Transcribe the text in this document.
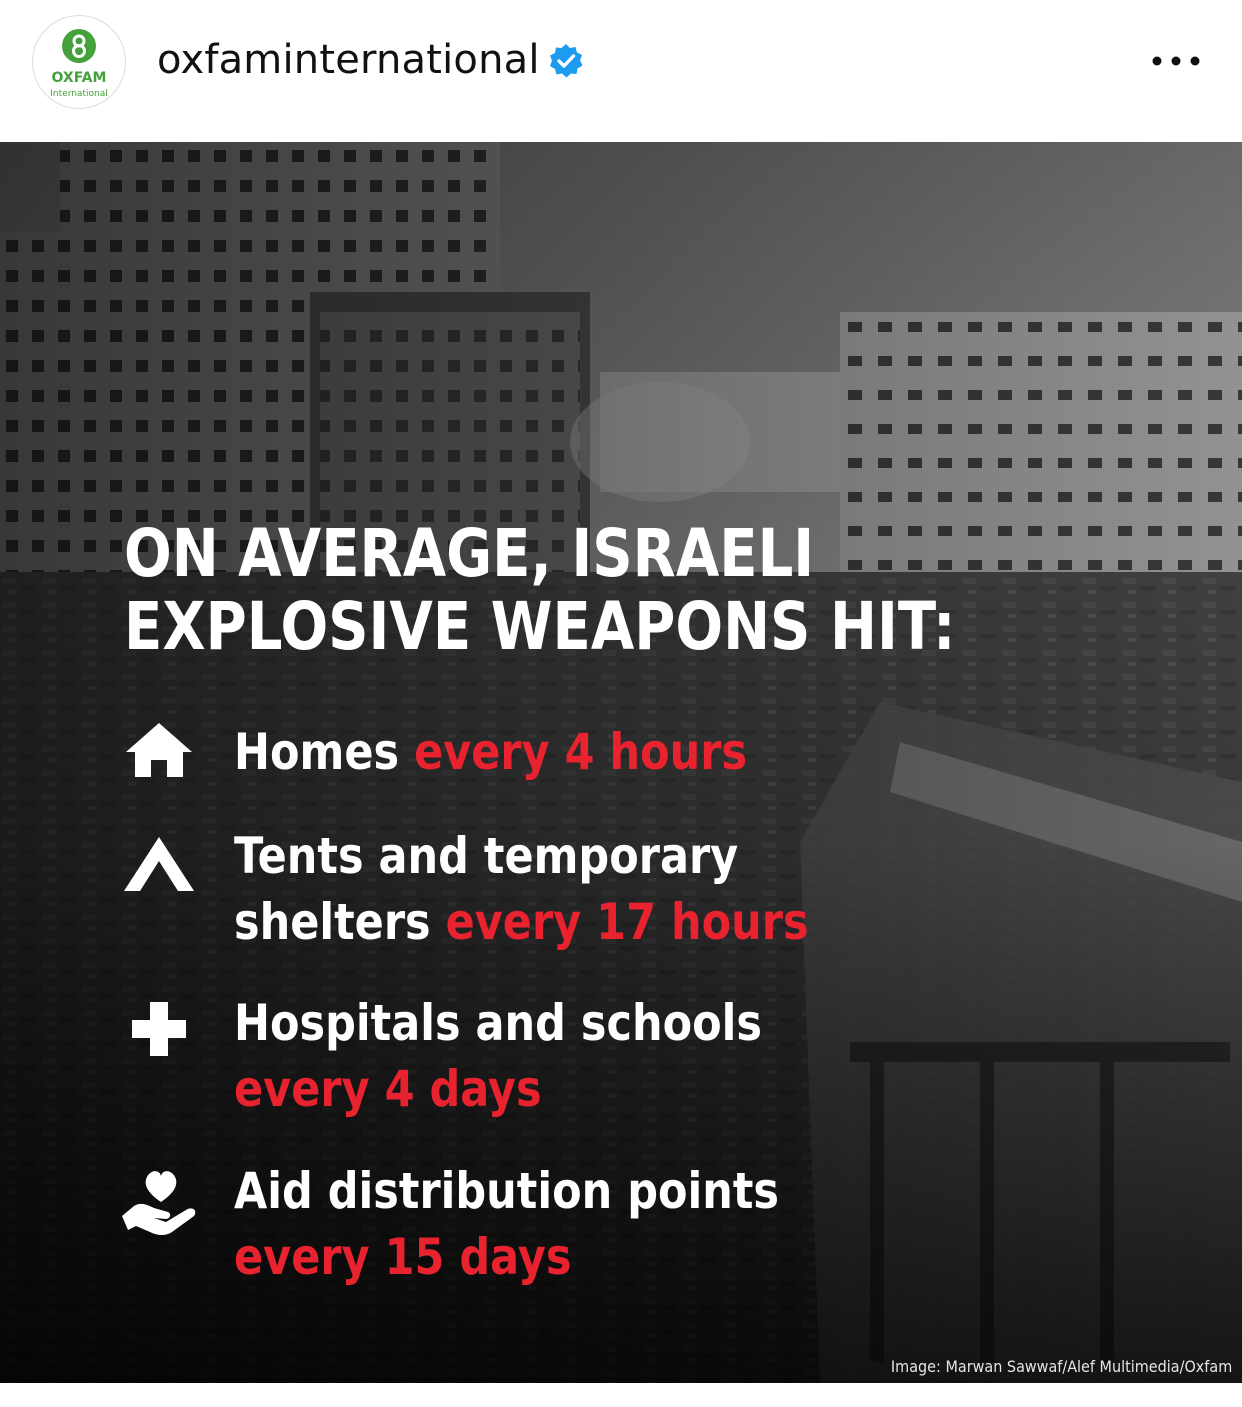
OXFAM
International
oxfaminternational
ON AVERAGE, ISRAELI
EXPLOSIVE WEAPONS HIT:
Homes every 4 hours
Tents and temporary
shelters every 17 hours
Hospitals and schools
every 4 days
Aid distribution points
every 15 days
Image: Marwan Sawwaf/Alef Multimedia/Oxfam
